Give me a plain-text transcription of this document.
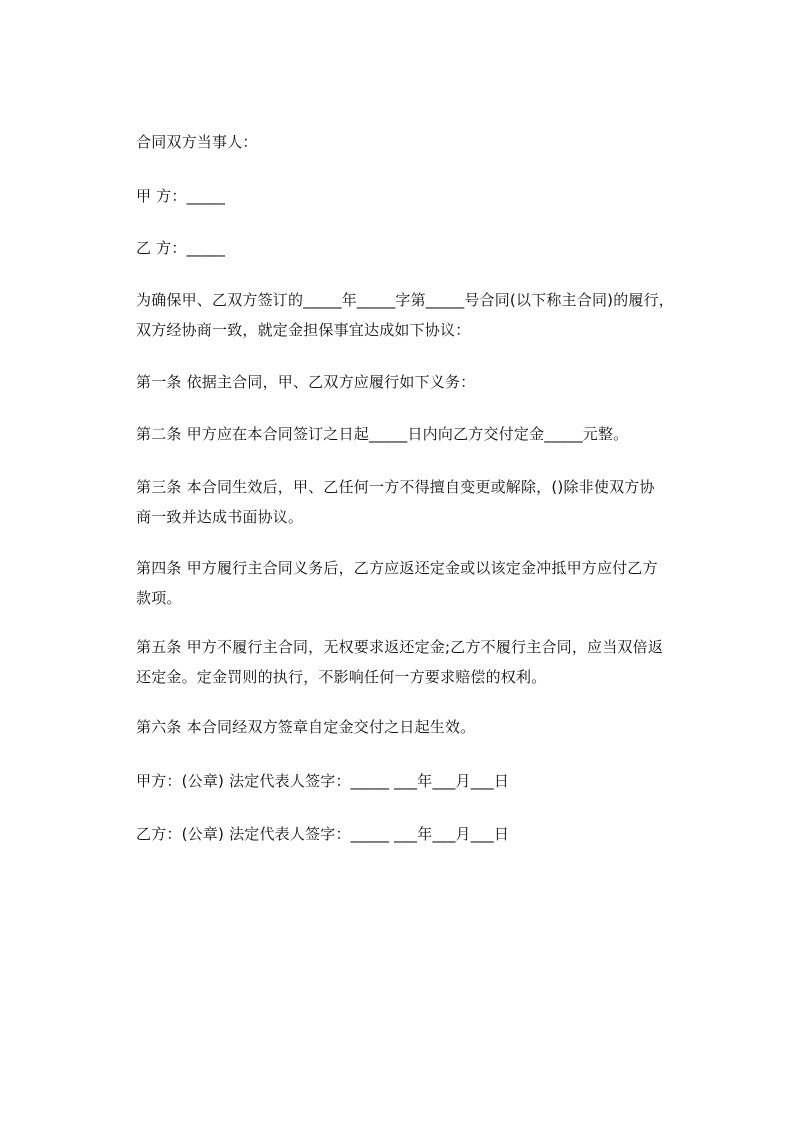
合同双方当事人：
甲 方：_____
乙 方：_____
为确保甲、乙双方签订的_____年_____字第_____号合同(以下称主合同)的履行，
双方经协商一致，就定金担保事宜达成如下协议：
第一条 依据主合同，甲、乙双方应履行如下义务：
第二条 甲方应在本合同签订之日起_____日内向乙方交付定金_____元整。
第三条 本合同生效后，甲、乙任何一方不得擅自变更或解除，()除非使双方协
商一致并达成书面协议。
第四条 甲方履行主合同义务后，乙方应返还定金或以该定金冲抵甲方应付乙方
款项。
第五条 甲方不履行主合同，无权要求返还定金;乙方不履行主合同，应当双倍返
还定金。定金罚则的执行，不影响任何一方要求赔偿的权利。
第六条 本合同经双方签章自定金交付之日起生效。
甲方：(公章) 法定代表人签字：_____ ___年___月___日
乙方：(公章) 法定代表人签字：_____ ___年___月___日
